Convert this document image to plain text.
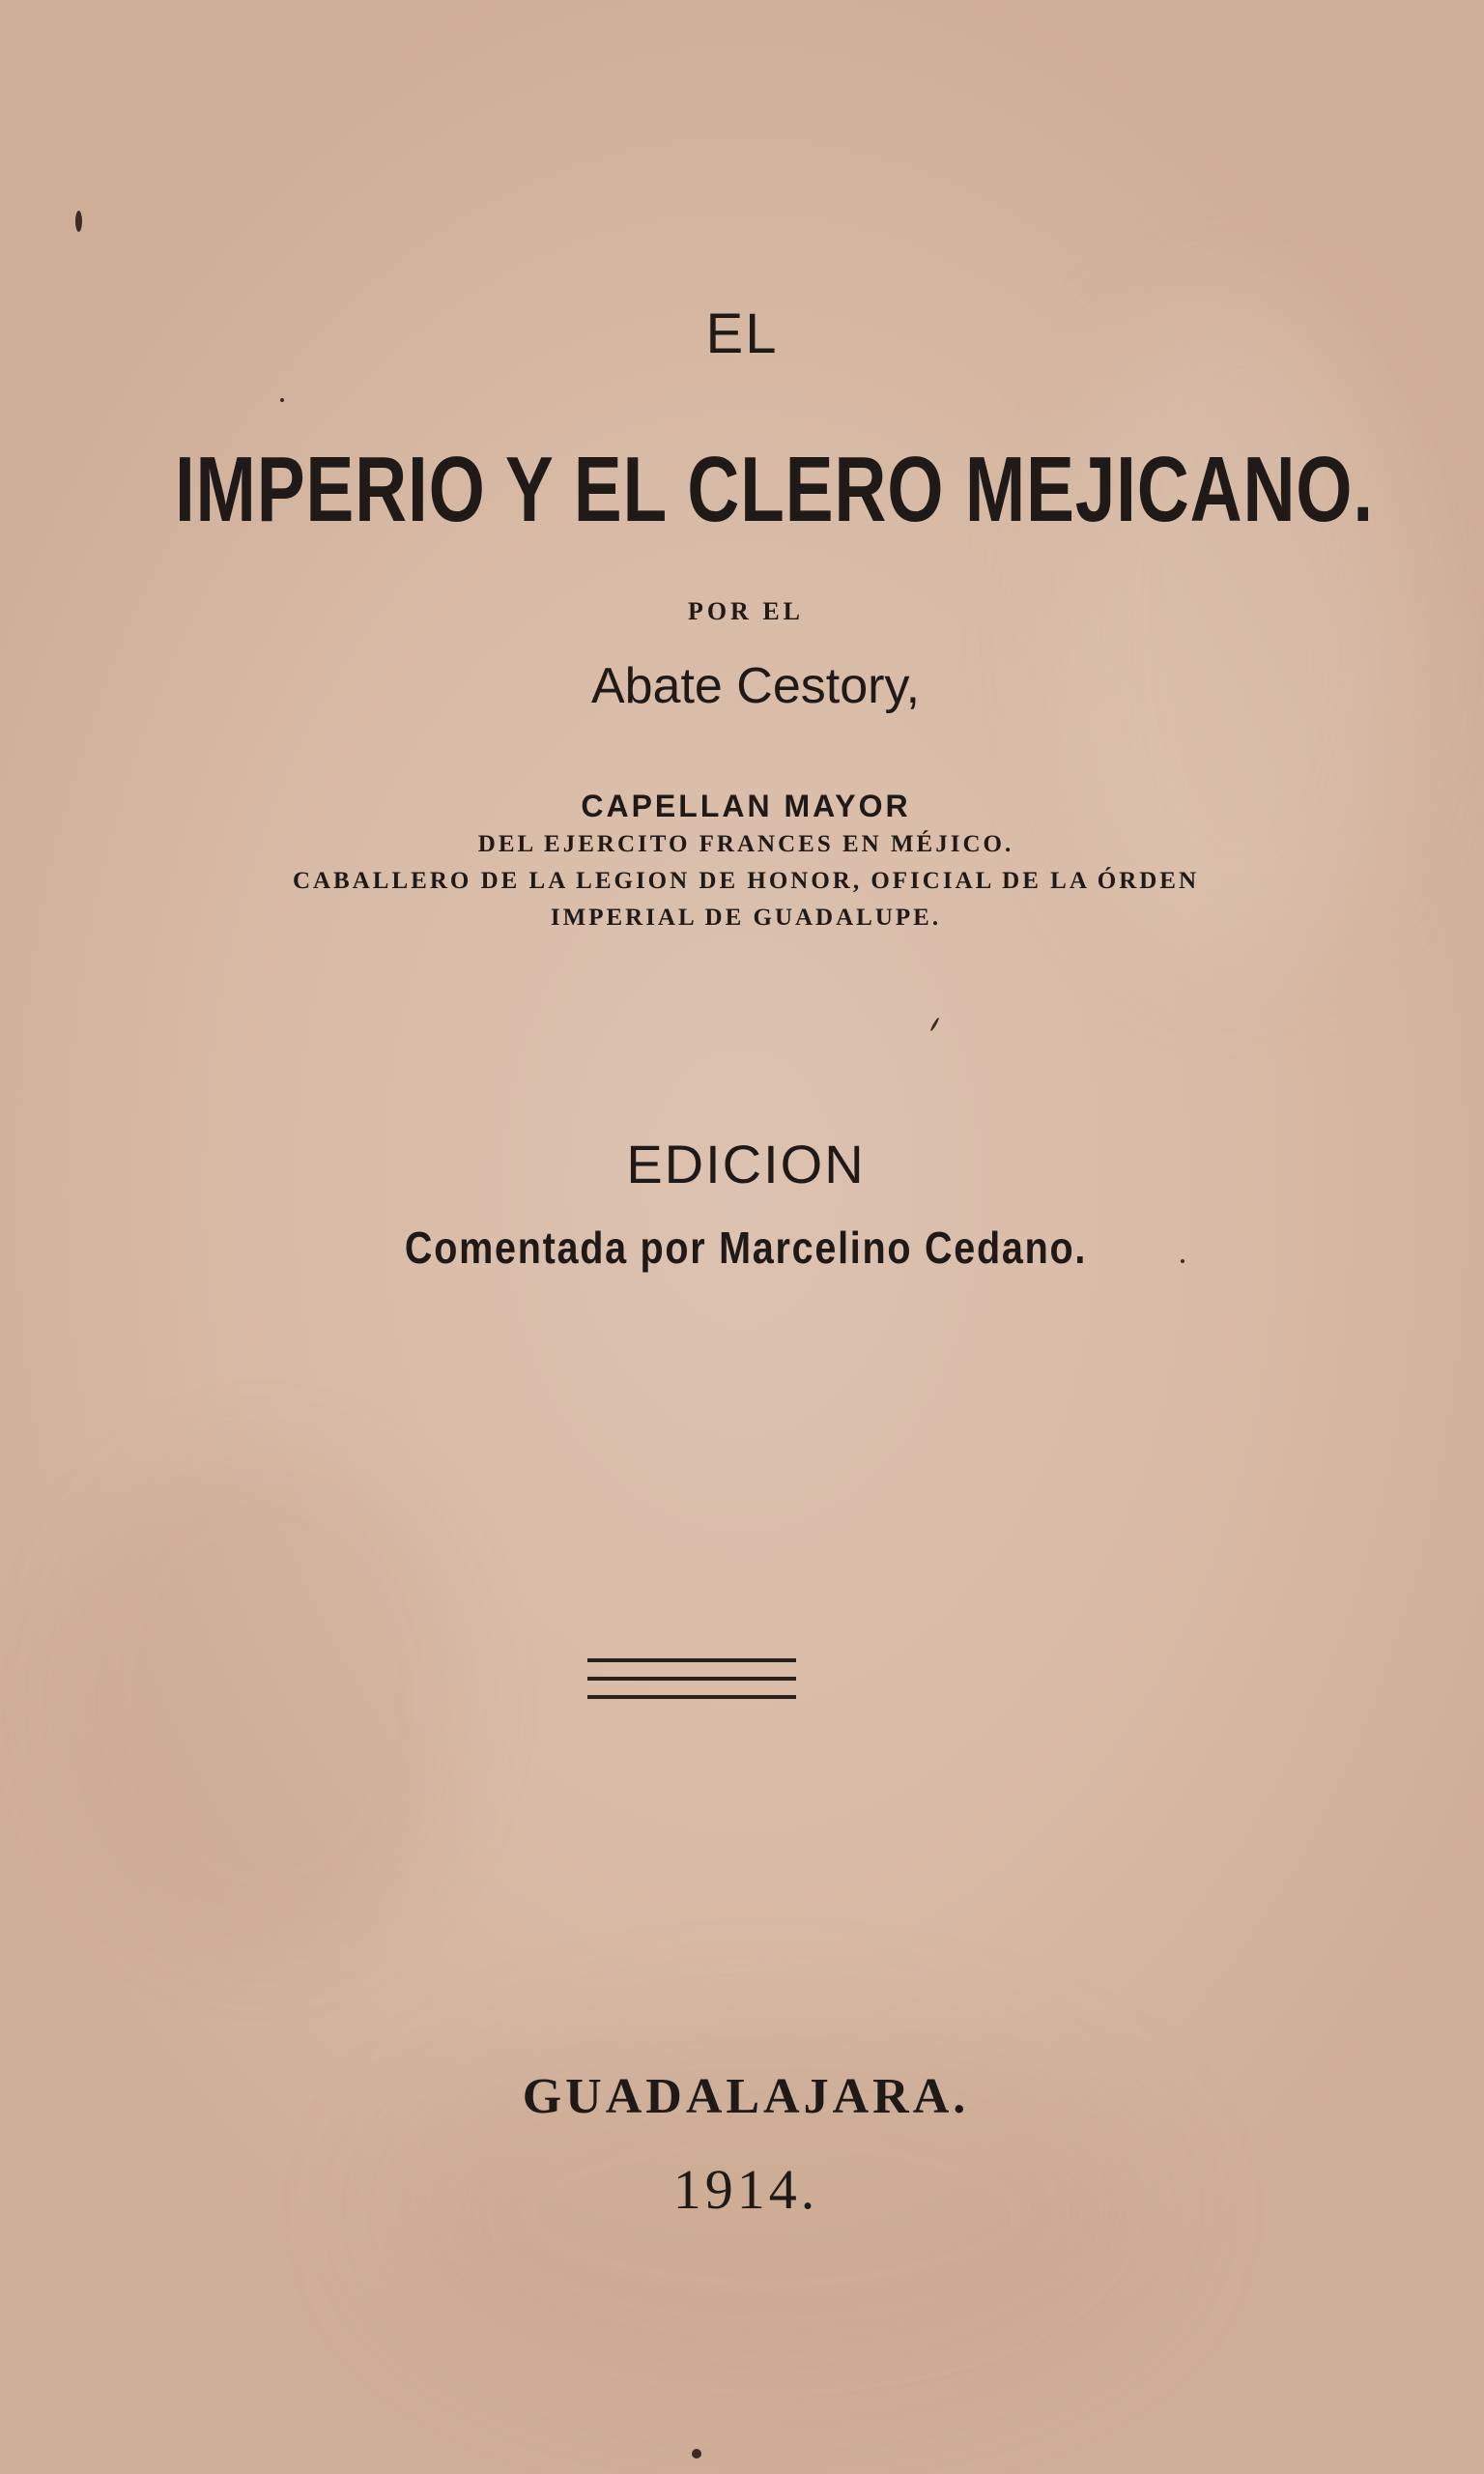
EL

IMPERIO Y EL CLERO MEJICANO.

POR EL

Abate Cestory,

CAPELLAN MAYOR

DEL EJERCITO FRANCES EN MÉJICO.

CABALLERO DE LA LEGION DE HONOR, OFICIAL DE LA ÓRDEN

IMPERIAL DE GUADALUPE.

EDICION

Comentada por Marcelino Cedano.

GUADALAJARA.

1914.
